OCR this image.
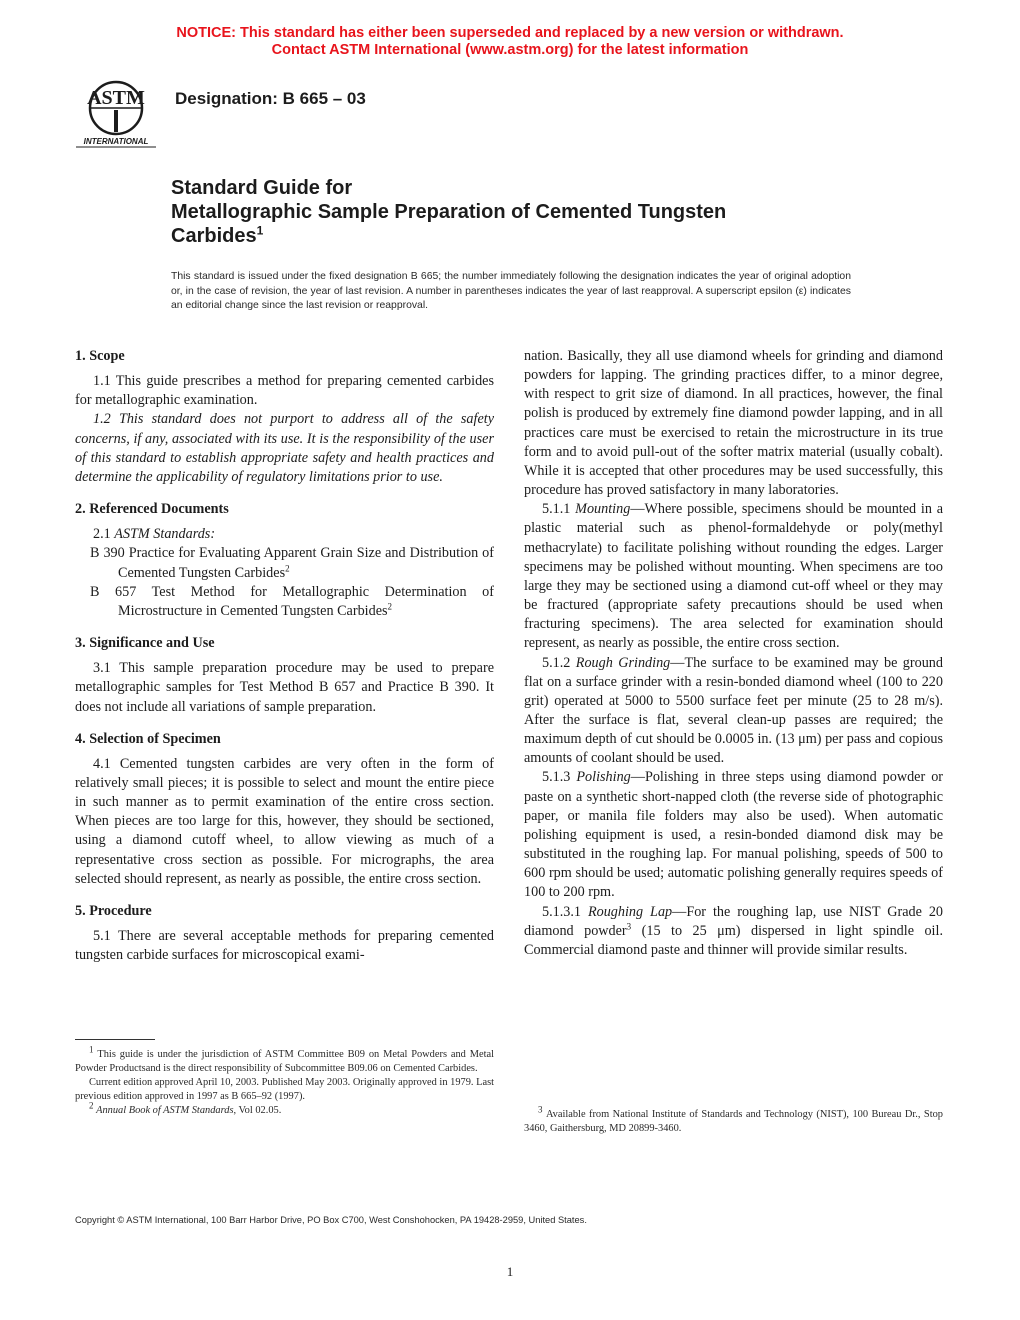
NOTICE: This standard has either been superseded and replaced by a new version or withdrawn.
Contact ASTM International (www.astm.org) for the latest information
ASTM
INTERNATIONAL
Designation: B 665 – 03
Standard Guide for
Metallographic Sample Preparation of Cemented Tungsten
Carbides$^1$
This standard is issued under the fixed designation B 665; the number immediately following the designation indicates the year of original adoption or, in the case of revision, the year of last revision. A number in parentheses indicates the year of last reapproval. A superscript epsilon (ε) indicates an editorial change since the last revision or reapproval.
1. Scope

1.1 This guide prescribes a method for preparing cemented carbides for metallographic examination.

1.2 This standard does not purport to address all of the safety concerns, if any, associated with its use. It is the responsibility of the user of this standard to establish appropriate safety and health practices and determine the applicability of regulatory limitations prior to use.

2. Referenced Documents

2.1 ASTM Standards:

B 390 Practice for Evaluating Apparent Grain Size and Distribution of Cemented Tungsten Carbides$^2$

B 657 Test Method for Metallographic Determination of Microstructure in Cemented Tungsten Carbides$^2$

3. Significance and Use

3.1 This sample preparation procedure may be used to prepare metallographic samples for Test Method B 657 and Practice B 390. It does not include all variations of sample preparation.

4. Selection of Specimen

4.1 Cemented tungsten carbides are very often in the form of relatively small pieces; it is possible to select and mount the entire piece in such manner as to permit examination of the entire cross section. When pieces are too large for this, however, they should be sectioned, using a diamond cutoff wheel, to allow viewing as much of a representative cross section as possible. For micrographs, the area selected should represent, as nearly as possible, the entire cross section.

5. Procedure

5.1 There are several acceptable methods for preparing cemented tungsten carbide surfaces for microscopical exami-

nation. Basically, they all use diamond wheels for grinding and diamond powders for lapping. The grinding practices differ, to a minor degree, with respect to grit size of diamond. In all practices, however, the final polish is produced by extremely fine diamond powder lapping, and in all practices care must be exercised to retain the microstructure in its true form and to avoid pull-out of the softer matrix material (usually cobalt). While it is accepted that other procedures may be used successfully, this procedure has proved satisfactory in many laboratories.

5.1.1 Mounting—Where possible, specimens should be mounted in a plastic material such as phenol-formaldehyde or poly(methyl methacrylate) to facilitate polishing without rounding the edges. Larger specimens may be polished without mounting. When specimens are too large they may be sectioned using a diamond cut-off wheel or they may be fractured (appropriate safety precautions should be used when fracturing specimens). The area selected for examination should represent, as nearly as possible, the entire cross section.

5.1.2 Rough Grinding—The surface to be examined may be ground flat on a surface grinder with a resin-bonded diamond wheel (100 to 220 grit) operated at 5000 to 5500 surface feet per minute (25 to 28 m/s). After the surface is flat, several clean-up passes are required; the maximum depth of cut should be 0.0005 in. (13 μm) per pass and copious amounts of coolant should be used.

5.1.3 Polishing—Polishing in three steps using diamond powder or paste on a synthetic short-napped cloth (the reverse side of photographic paper, or manila file folders may also be used). When automatic polishing equipment is used, a resin-bonded diamond disk may be substituted in the roughing lap. For manual polishing, speeds of 500 to 600 rpm should be used; automatic polishing generally requires speeds of 100 to 200 rpm.

5.1.3.1 Roughing Lap—For the roughing lap, use NIST Grade 20 diamond powder$^3$ (15 to 25 μm) dispersed in light spindle oil. Commercial diamond paste and thinner will provide similar results.

$^1$ This guide is under the jurisdiction of ASTM Committee B09 on Metal Powders and Metal Powder Productsand is the direct responsibility of Subcommittee B09.06 on Cemented Carbides.

Current edition approved April 10, 2003. Published May 2003. Originally approved in 1979. Last previous edition approved in 1997 as B 665–92 (1997).

$^2$ Annual Book of ASTM Standards, Vol 02.05.	$^3$ Available from National Institute of Standards and Technology (NIST), 100 Bureau Dr., Stop 3460, Gaithersburg, MD 20899-3460.

Copyright © ASTM International, 100 Barr Harbor Drive, PO Box C700, West Conshohocken, PA 19428-2959, United States.
1
